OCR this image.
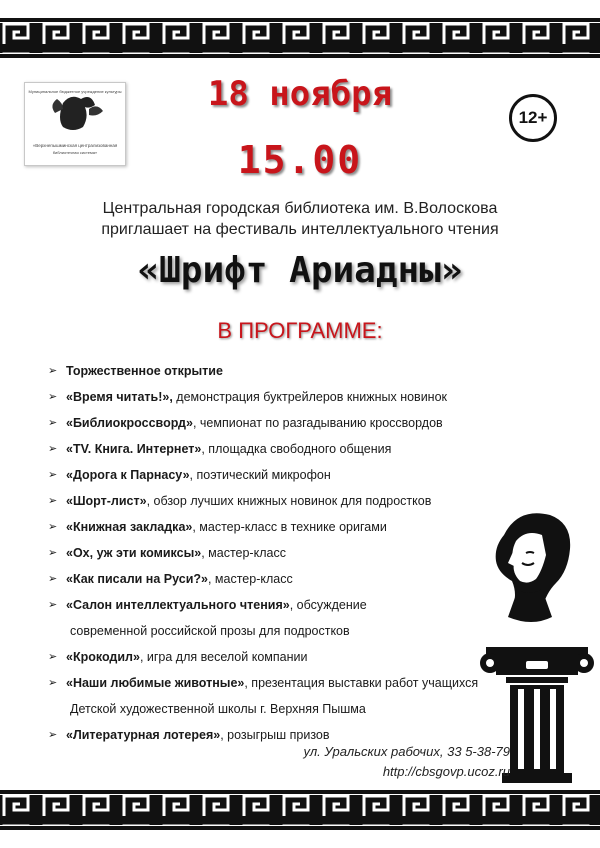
Муниципальное бюджетное учреждение культуры
«Верхнепышминская централизованная
библиотечная система»
12+
18 ноября
15.00
Центральная городская библиотека им. В.Волоскова
приглашает на фестиваль интеллектуального чтения
«Шрифт Ариадны»
В ПРОГРАММЕ:
➢ Торжественное открытие
➢ «Время читать!», демонстрация буктрейлеров книжных новинок
➢ «Библиокроссворд», чемпионат по разгадыванию кроссвордов
➢ «TV. Книга. Интернет», площадка свободного общения
➢ «Дорога к Парнасу», поэтический микрофон
➢ «Шорт-лист», обзор лучших книжных новинок для подростков
➢ «Книжная закладка», мастер-класс в технике оригами
➢ «Ох, уж эти комиксы», мастер-класс
➢ «Как писали на Руси?», мастер-класс
➢ «Салон интеллектуального чтения», обсуждение
современной российской прозы для подростков
➢ «Крокодил», игра для веселой компании
➢ «Наши любимые животные», презентация выставки работ учащихся
Детской художественной школы г. Верхняя Пышма
➢ «Литературная лотерея», розыгрыш призов
ул. Уральских рабочих, 33 5-38-79
http://cbsgovp.ucoz.ru
